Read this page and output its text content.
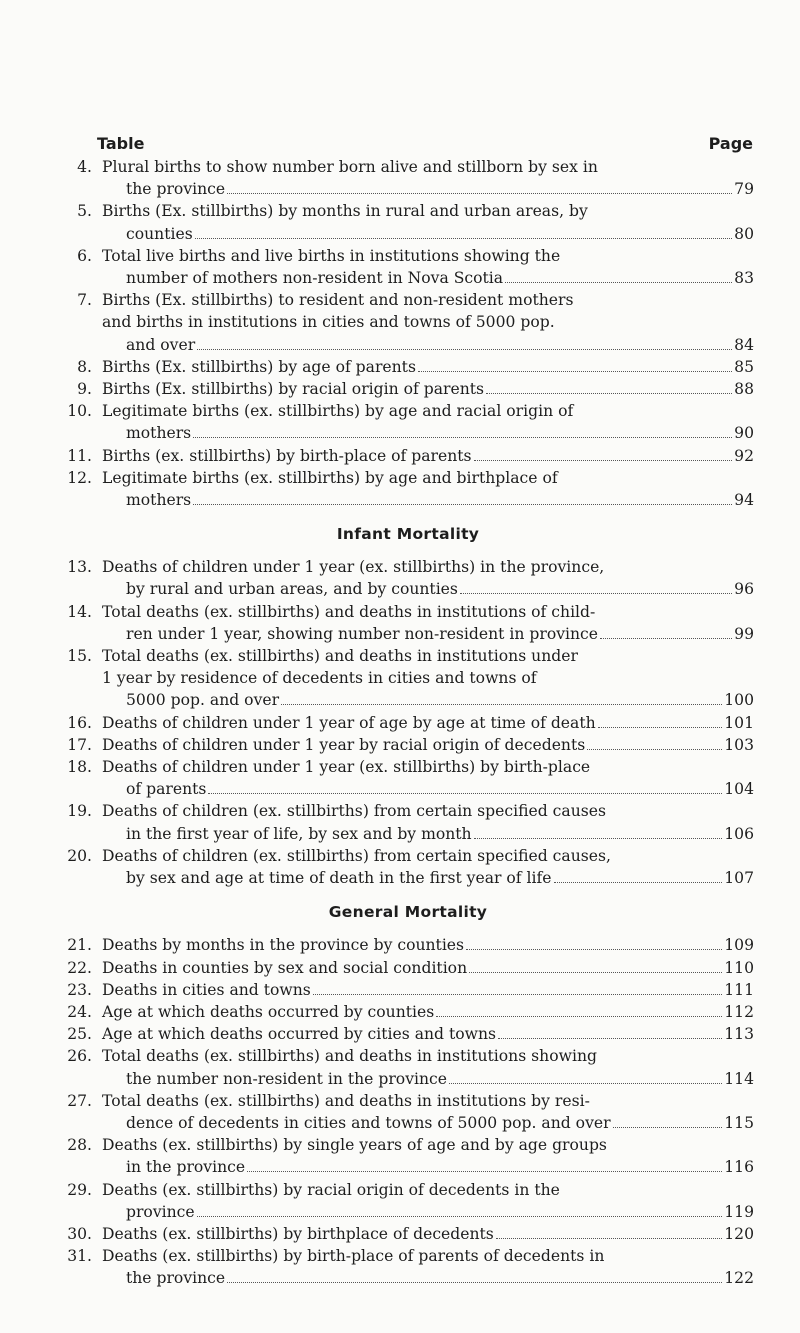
Table	Page
4. Plural births to show number born alive and stillborn by sex in
the province	79
5. Births (Ex. stillbirths) by months in rural and urban areas, by
counties	80
6. Total live births and live births in institutions showing the
number of mothers non-resident in Nova Scotia	83
7. Births (Ex. stillbirths) to resident and non-resident mothers
and births in institutions in cities and towns of 5000 pop.
and over	84
8. Births (Ex. stillbirths) by age of parents	85
9. Births (Ex. stillbirths) by racial origin of parents	88
10. Legitimate births (ex. stillbirths) by age and racial origin of
mothers	90
11. Births (ex. stillbirths) by birth-place of parents	92
12. Legitimate births (ex. stillbirths) by age and birthplace of
mothers	94
Infant Mortality
13. Deaths of children under 1 year (ex. stillbirths) in the province,
by rural and urban areas, and by counties	96
14. Total deaths (ex. stillbirths) and deaths in institutions of child-
ren under 1 year, showing number non-resident in province	99
15. Total deaths (ex. stillbirths) and deaths in institutions under
1 year by residence of decedents in cities and towns of
5000 pop. and over	100
16. Deaths of children under 1 year of age by age at time of death	101
17. Deaths of children under 1 year by racial origin of decedents	103
18. Deaths of children under 1 year (ex. stillbirths) by birth-place
of parents	104
19. Deaths of children (ex. stillbirths) from certain specified causes
in the first year of life, by sex and by month	106
20. Deaths of children (ex. stillbirths) from certain specified causes,
by sex and age at time of death in the first year of life	107
General Mortality
21. Deaths by months in the province by counties	109
22. Deaths in counties by sex and social condition	110
23. Deaths in cities and towns	111
24. Age at which deaths occurred by counties	112
25. Age at which deaths occurred by cities and towns	113
26. Total deaths (ex. stillbirths) and deaths in institutions showing
the number non-resident in the province	114
27. Total deaths (ex. stillbirths) and deaths in institutions by resi-
dence of decedents in cities and towns of 5000 pop. and over	115
28. Deaths (ex. stillbirths) by single years of age and by age groups
in the province	116
29. Deaths (ex. stillbirths) by racial origin of decedents in the
province	119
30. Deaths (ex. stillbirths) by birthplace of decedents	120
31. Deaths (ex. stillbirths) by birth-place of parents of decedents in
the province	122
